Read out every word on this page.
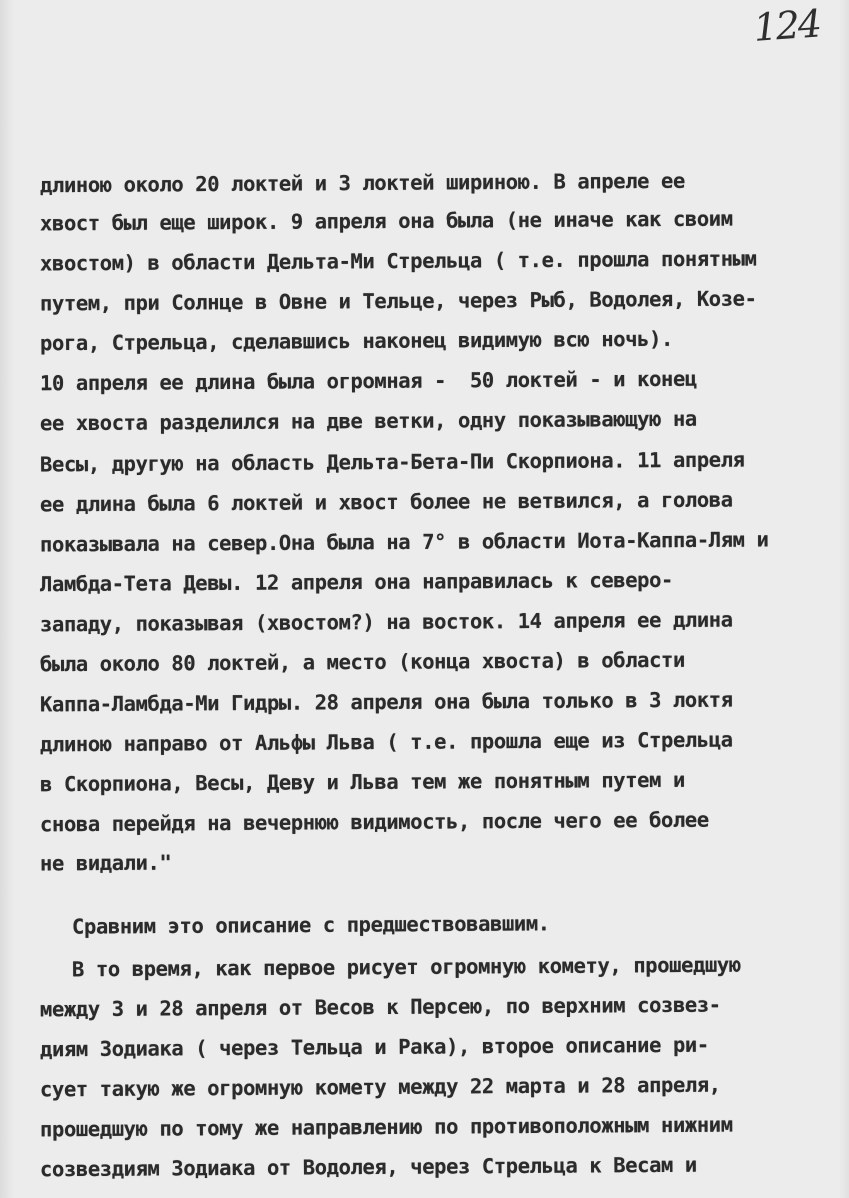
124
длиною около 20 локтей и 3 локтей шириною. В апреле ее
хвост был еще широк. 9 апреля она была (не иначе как своим
хвостом) в области Дельта-Ми Стрельца ( т.е. прошла понятным
путем, при Солнце в Овне и Тельце, через Рыб, Водолея, Козе-
рога, Стрельца, сделавшись наконец видимую всю ночь).
10 апреля ее длина была огромная -  50 локтей - и конец
ее хвоста разделился на две ветки, одну показывающую на
Весы, другую на область Дельта-Бета-Пи Скорпиона. 11 апреля
ее длина была 6 локтей и хвост более не ветвился, а голова
показывала на север.Она была на 7° в области Иота-Каппа-Лям и
Ламбда-Тета Девы. 12 апреля она направилась к северо-
западу, показывая (хвостом?) на восток. 14 апреля ее длина
была около 80 локтей, а место (конца хвоста) в области
Каппа-Ламбда-Ми Гидры. 28 апреля она была только в 3 локтя
длиною направо от Альфы Льва ( т.е. прошла еще из Стрельца
в Скорпиона, Весы, Деву и Льва тем же понятным путем и
снова перейдя на вечернюю видимость, после чего ее более
не видали."
Сравним это описание с предшествовавшим.
В то время, как первое рисует огромную комету, прошедшую
между 3 и 28 апреля от Весов к Персею, по верхним созвез-
диям Зодиака ( через Тельца и Рака), второе описание ри-
сует такую же огромную комету между 22 марта и 28 апреля,
прошедшую по тому же направлению по противоположным нижним
созвездиям Зодиака от Водолея, через Стрельца к Весам и
